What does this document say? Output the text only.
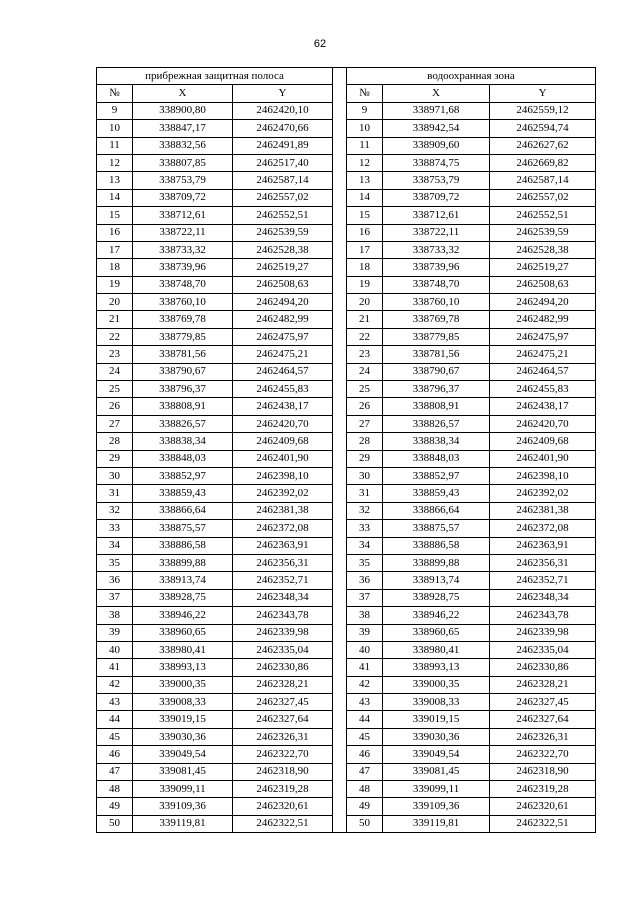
62
прибрежная защитная полоса				водоохранная зона		
№	X	Y		№	X	Y
9	338900,80	2462420,10		9	338971,68	2462559,12
10	338847,17	2462470,66		10	338942,54	2462594,74
11	338832,56	2462491,89		11	338909,60	2462627,62
12	338807,85	2462517,40		12	338874,75	2462669,82
13	338753,79	2462587,14		13	338753,79	2462587,14
14	338709,72	2462557,02		14	338709,72	2462557,02
15	338712,61	2462552,51		15	338712,61	2462552,51
16	338722,11	2462539,59		16	338722,11	2462539,59
17	338733,32	2462528,38		17	338733,32	2462528,38
18	338739,96	2462519,27		18	338739,96	2462519,27
19	338748,70	2462508,63		19	338748,70	2462508,63
20	338760,10	2462494,20		20	338760,10	2462494,20
21	338769,78	2462482,99		21	338769,78	2462482,99
22	338779,85	2462475,97		22	338779,85	2462475,97
23	338781,56	2462475,21		23	338781,56	2462475,21
24	338790,67	2462464,57		24	338790,67	2462464,57
25	338796,37	2462455,83		25	338796,37	2462455,83
26	338808,91	2462438,17		26	338808,91	2462438,17
27	338826,57	2462420,70		27	338826,57	2462420,70
28	338838,34	2462409,68		28	338838,34	2462409,68
29	338848,03	2462401,90		29	338848,03	2462401,90
30	338852,97	2462398,10		30	338852,97	2462398,10
31	338859,43	2462392,02		31	338859,43	2462392,02
32	338866,64	2462381,38		32	338866,64	2462381,38
33	338875,57	2462372,08		33	338875,57	2462372,08
34	338886,58	2462363,91		34	338886,58	2462363,91
35	338899,88	2462356,31		35	338899,88	2462356,31
36	338913,74	2462352,71		36	338913,74	2462352,71
37	338928,75	2462348,34		37	338928,75	2462348,34
38	338946,22	2462343,78		38	338946,22	2462343,78
39	338960,65	2462339,98		39	338960,65	2462339,98
40	338980,41	2462335,04		40	338980,41	2462335,04
41	338993,13	2462330,86		41	338993,13	2462330,86
42	339000,35	2462328,21		42	339000,35	2462328,21
43	339008,33	2462327,45		43	339008,33	2462327,45
44	339019,15	2462327,64		44	339019,15	2462327,64
45	339030,36	2462326,31		45	339030,36	2462326,31
46	339049,54	2462322,70		46	339049,54	2462322,70
47	339081,45	2462318,90		47	339081,45	2462318,90
48	339099,11	2462319,28		48	339099,11	2462319,28
49	339109,36	2462320,61		49	339109,36	2462320,61
50	339119,81	2462322,51		50	339119,81	2462322,51
